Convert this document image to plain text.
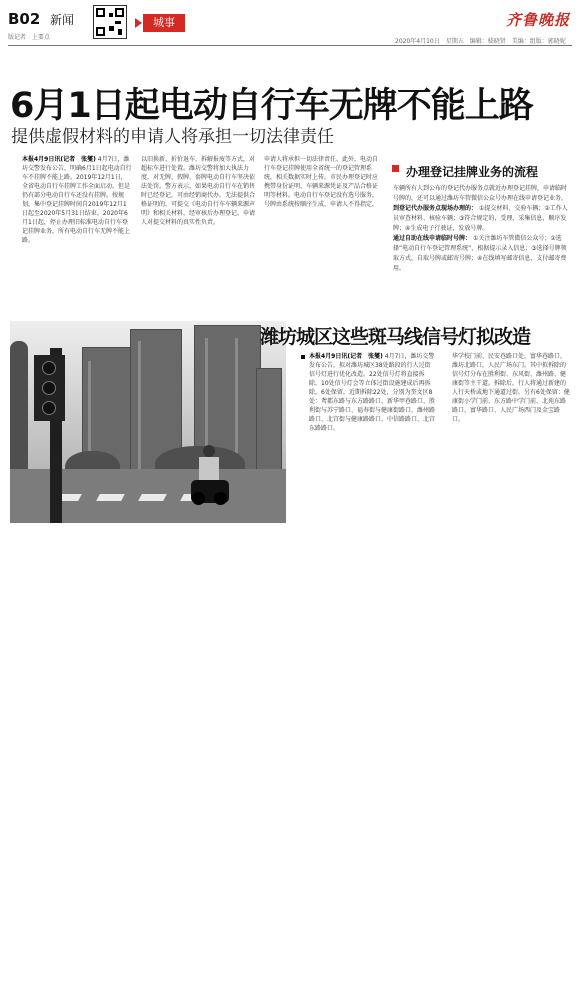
B02 新闻
版记者　上要点
城事	齐鲁晚报
2020年4月10日　星期五　编辑：嵇晓贤　美编：组版：郭晓妮
6月1日起电动自行车无牌不能上路
提供虚假材料的申请人将承担一切法律责任
本报4月9日讯(记者　张燮) 4月7日，潍坊交警发布公告，明确6月1日起电动自行车不挂牌不能上路。2019年12月1日，全省电动自行车挂牌工作全面启动。但是仍有部分电动自行车还没有挂牌。按规划，集中登记挂牌时间自2019年12月1日起至2020年5月31日结束。2020年6月1日起，停止办理旧标准电动自行车登记挂牌业务，所有电动自行车无牌不能上路。
以旧换新、折价退车、拆解报废等方式，对超标车进行处置。潍坊交警将加大执法力度，对无牌、假牌、套牌电动自行车坚决依法处罚。警方表示，如果电动自行车在销售时已经登记，可由经销商代办。无法提供合格证明的，可提交《电动自行车车辆来源声明》和相关材料，经审核后办理登记。申请人对提交材料的真实性负责。
申请人将承担一切法律责任。此外，电动自行车登记挂牌使用全省统一的登记管理系统，相关数据实时上传。市民办理登记时应携带身份证明、车辆来源凭证及产品合格证明等材料。电动自行车登记没有选号服务，号牌由系统按顺序生成，申请人不得指定。
办理登记挂牌业务的流程
车辆所有人到公布的登记代办服务点就近办理登记挂牌，申请临时号牌的，还可以通过潍坊车管微信公众号办理在线申请登记业务。
到登记代办服务点现场办理的： ①提交材料、交验车辆；②工作人员审查材料、核验车辆；③符合规定的，受理、采集信息，顺序发牌；④生成电子行驶证，发放号牌。
通过自助在线申请临时号牌： ①关注潍坊车管微信公众号；②选择“电动自行车登记管理系统”，根据提示录入信息；③选择号牌领取方式，自取号牌或邮寄号牌；④在线填写邮寄信息，支付邮寄费用。
潍坊城区这些斑马线信号灯拟改造
本报4月9日讯(记者　张燮) 4月7日，潍坊交警发布公告，拟对潍坊城区38处路段的行人过街信号灯进行优化改造。22处信号灯将直接拆除，10处信号灯会等立体过街设施建成后再拆除，6处保留。近期拆除22处，分别为奎文区8处：鸢都东路与东方路路口、新华甲巷路口、胜利街与苏宁路口、福寿街与健康街路口、潍州路路口、北宫街与健康路路口、中信路路口、北宫东路路口。
华学校门前、民安巷路口处，富华巷路口，潍坊北路口，人民广场东门。其中拟拆除的信号灯分布在胜利街、东风街、潍州路、健康街等主干道。拆除后，行人将通过新建的人行天桥或地下通道过街。另有6处保留：健康街小学门前、东方路中学门前、北苑东路路口、富华路口、人民广场西门及金宝路口。
